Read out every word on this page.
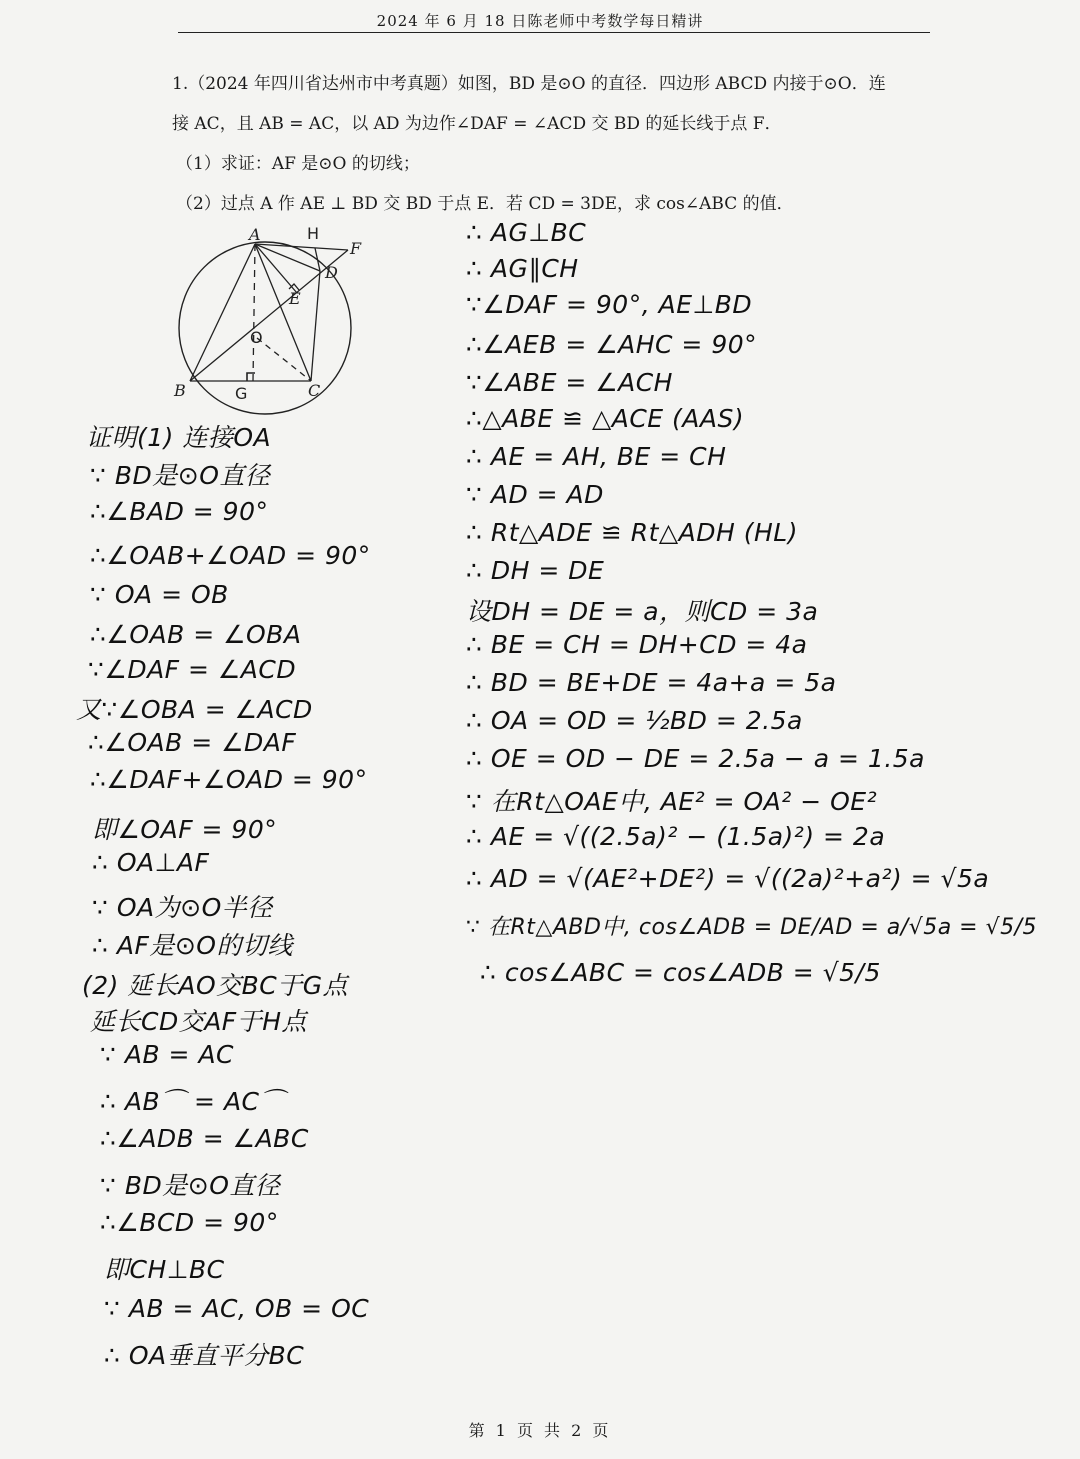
2024 年 6 月 18 日陈老师中考数学每日精讲

1.（2024 年四川省达州市中考真题）如图，BD 是⊙O 的直径．四边形 ABCD 内接于⊙O．连

接 AC，且 AB = AC，以 AD 为边作∠DAF = ∠ACD 交 BD 的延长线于点 F．

（1）求证：AF 是⊙O 的切线；

（2）过点 A 作 AE ⊥ BD 交 BD 于点 E．若 CD = 3DE，求 cos∠ABC 的值．

A	H
F
D
E
O
B	G	C
证明(1) 连接OA
∵ BD是⊙O直径
∴∠BAD = 90°
∴∠OAB+∠OAD = 90°
∵ OA = OB
∴∠OAB = ∠OBA
∵∠DAF = ∠ACD
又∵∠OBA = ∠ACD
∴∠OAB = ∠DAF
∴∠DAF+∠OAD = 90°
即∠OAF = 90°
∴ OA⊥AF
∵ OA为⊙O半径
∴ AF是⊙O的切线
(2) 延长AO交BC于G点
延长CD交AF于H点
∵ AB = AC
∴ AB⌒ = AC⌒
∴∠ADB = ∠ABC
∵ BD是⊙O直径
∴∠BCD = 90°
即CH⊥BC
∵ AB = AC, OB = OC
∴ OA垂直平分BC
∴ AG⊥BC
∴ AG∥CH
∵∠DAF = 90°, AE⊥BD
∴∠AEB = ∠AHC = 90°
∵∠ABE = ∠ACH
∴△ABE ≌ △ACE (AAS)
∴ AE = AH, BE = CH
∵ AD = AD
∴ Rt△ADE ≌ Rt△ADH (HL)
∴ DH = DE
设DH = DE = a，则CD = 3a
∴ BE = CH = DH+CD = 4a
∴ BD = BE+DE = 4a+a = 5a
∴ OA = OD = ½BD = 2.5a
∴ OE = OD − DE = 2.5a − a = 1.5a
∵ 在Rt△OAE中, AE² = OA² − OE²
∴ AE = √((2.5a)² − (1.5a)²) = 2a
∴ AD = √(AE²+DE²) = √((2a)²+a²) = √5a
∵ 在Rt△ABD中, cos∠ADB = DE/AD = a/√5a = √5/5
∴ cos∠ABC = cos∠ADB = √5/5
第 1 页 共 2 页
